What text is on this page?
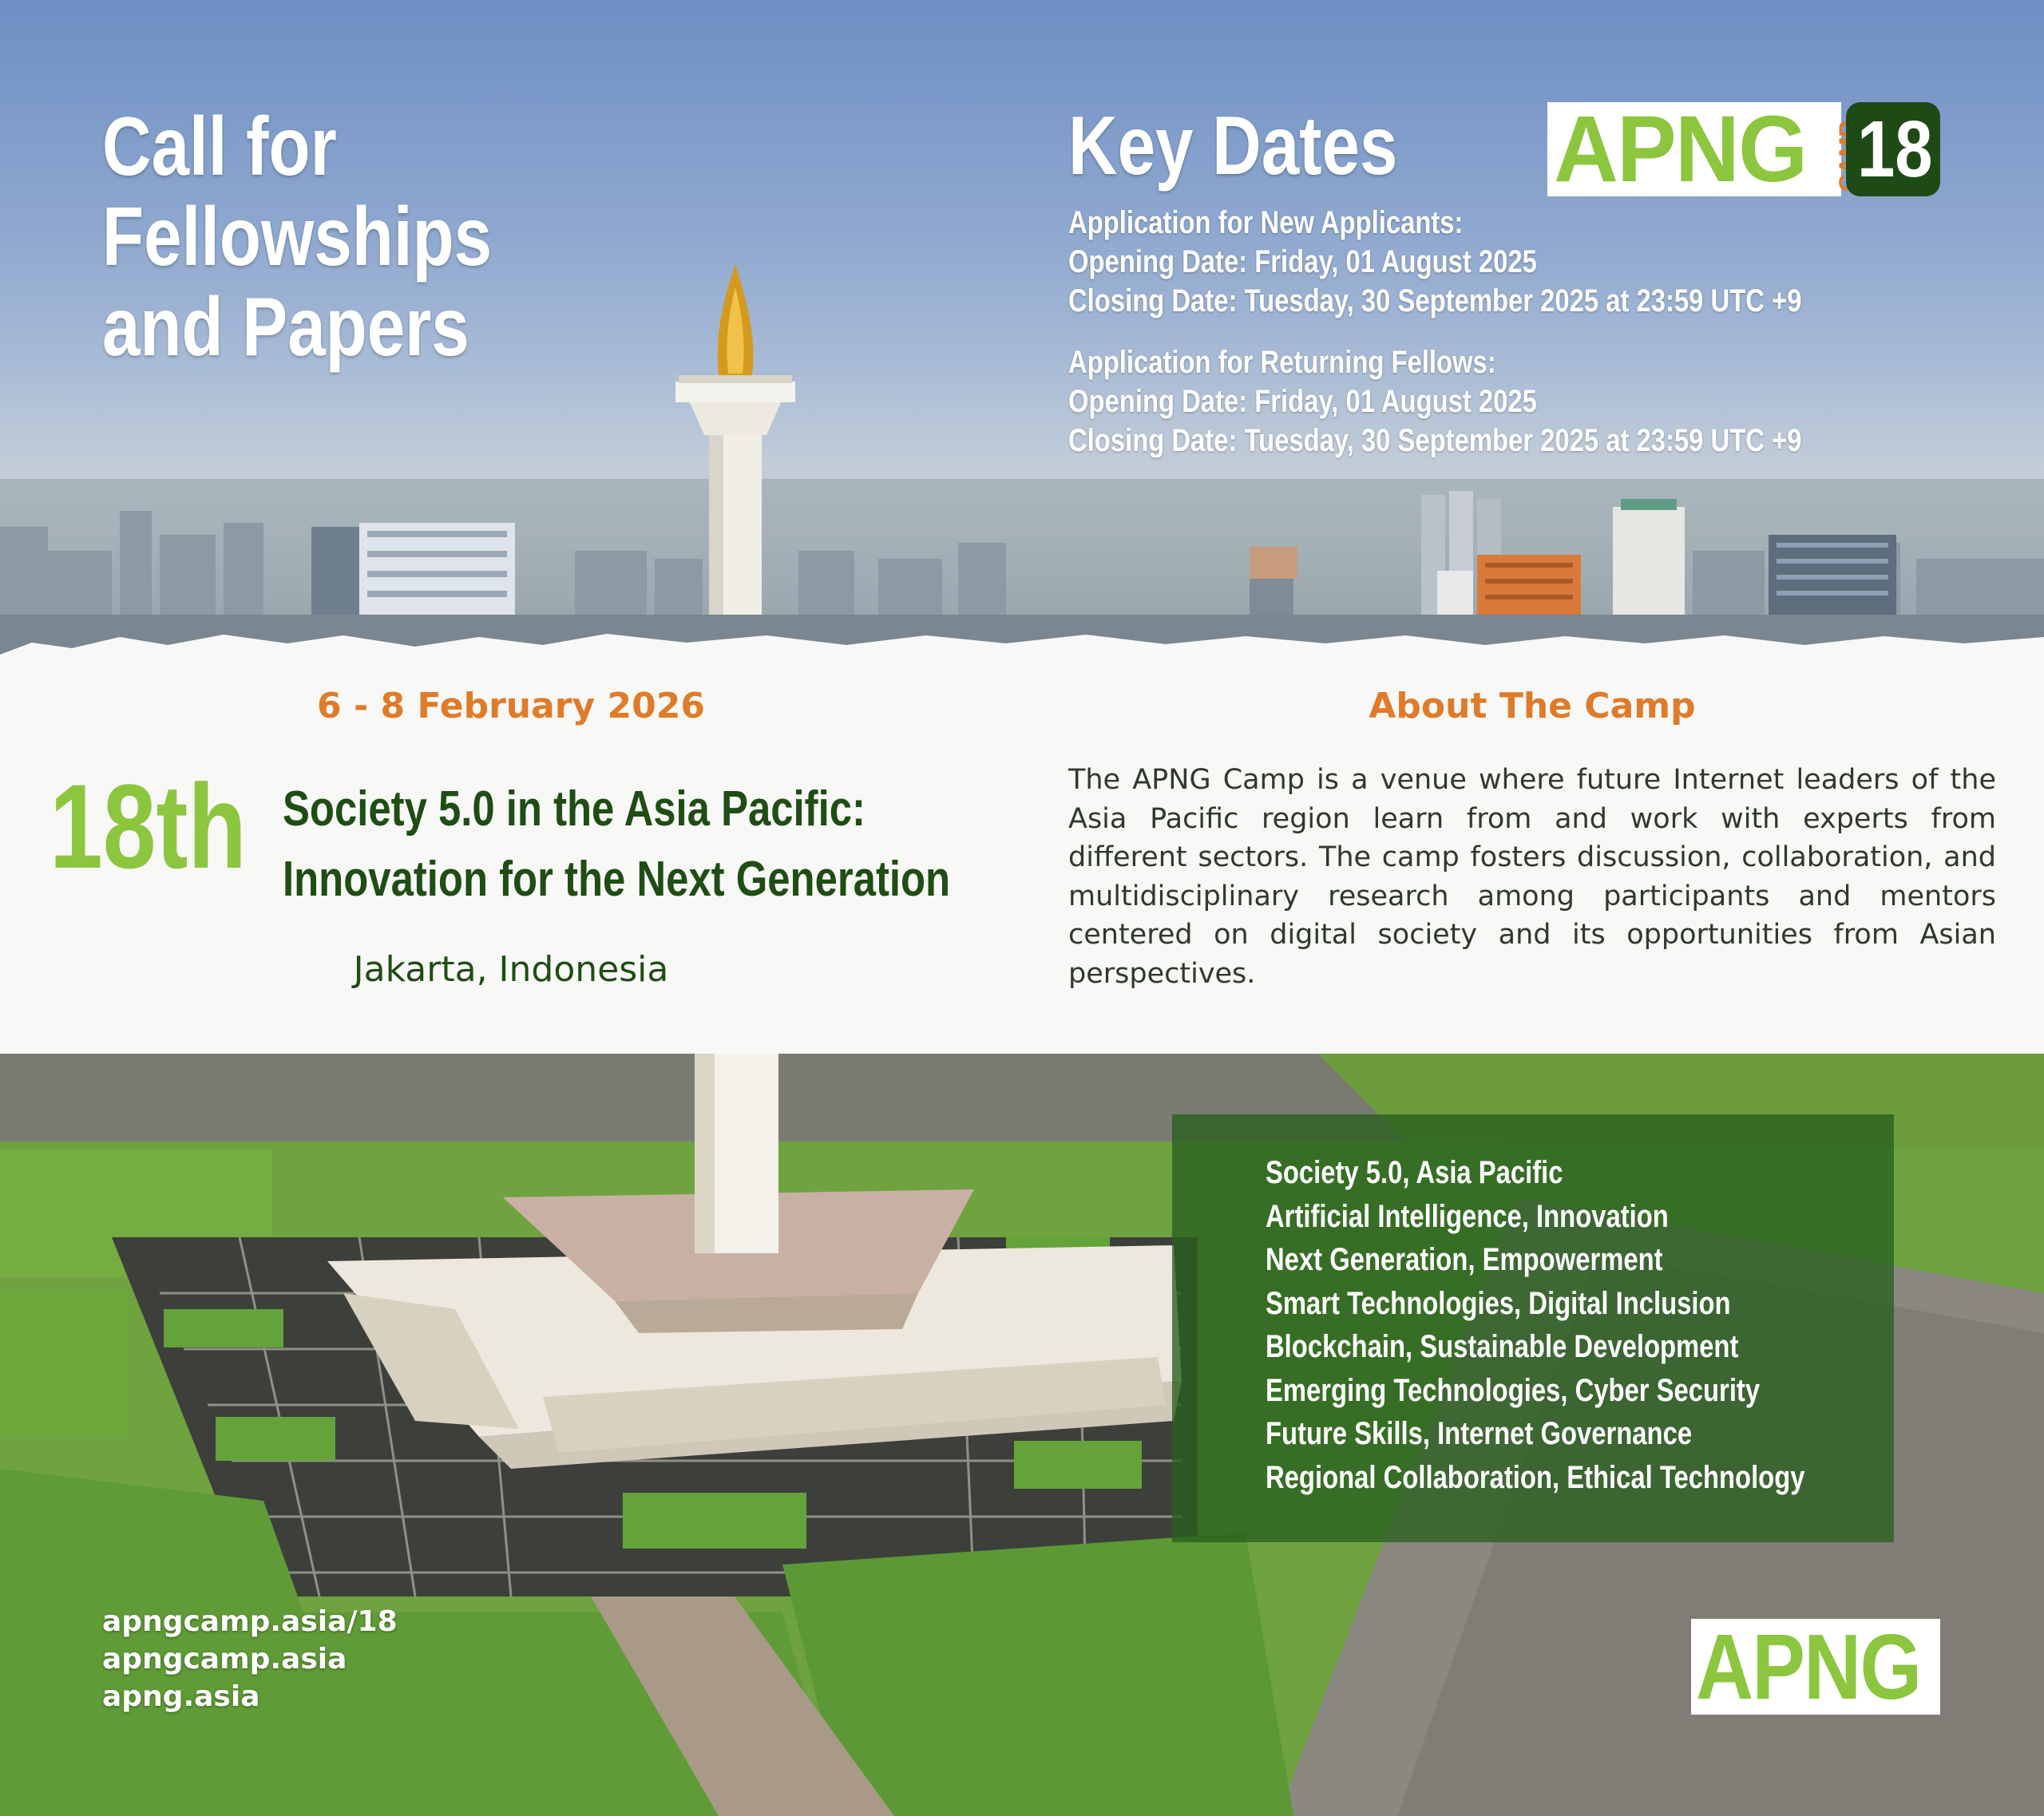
Call for
Fellowships
and Papers
Key Dates
Application for New Applicants:
Opening Date: Friday, 01 August 2025
Closing Date: Tuesday, 30 September 2025 at 23:59 UTC +9
Application for Returning Fellows:
Opening Date: Friday, 01 August 2025
Closing Date: Tuesday, 30 September 2025 at 23:59 UTC +9
APNG 18
6 - 8 February 2026
18th Society 5.0 in the Asia Pacific:
Innovation for the Next Generation
Jakarta, Indonesia
About The Camp
The APNG Camp is a venue where future Internet leaders of the Asia Pacific region learn from and work with experts from different sectors. The camp fosters discussion, collaboration, and multidisciplinary research among participants and mentors centered on digital society and its opportunities from Asian perspectives.
Society 5.0, Asia Pacific
Artificial Intelligence, Innovation
Next Generation, Empowerment
Smart Technologies, Digital Inclusion
Blockchain, Sustainable Development
Emerging Technologies, Cyber Security
Future Skills, Internet Governance
Regional Collaboration, Ethical Technology
apngcamp.asia/18
apngcamp.asia
apng.asia	APNG
